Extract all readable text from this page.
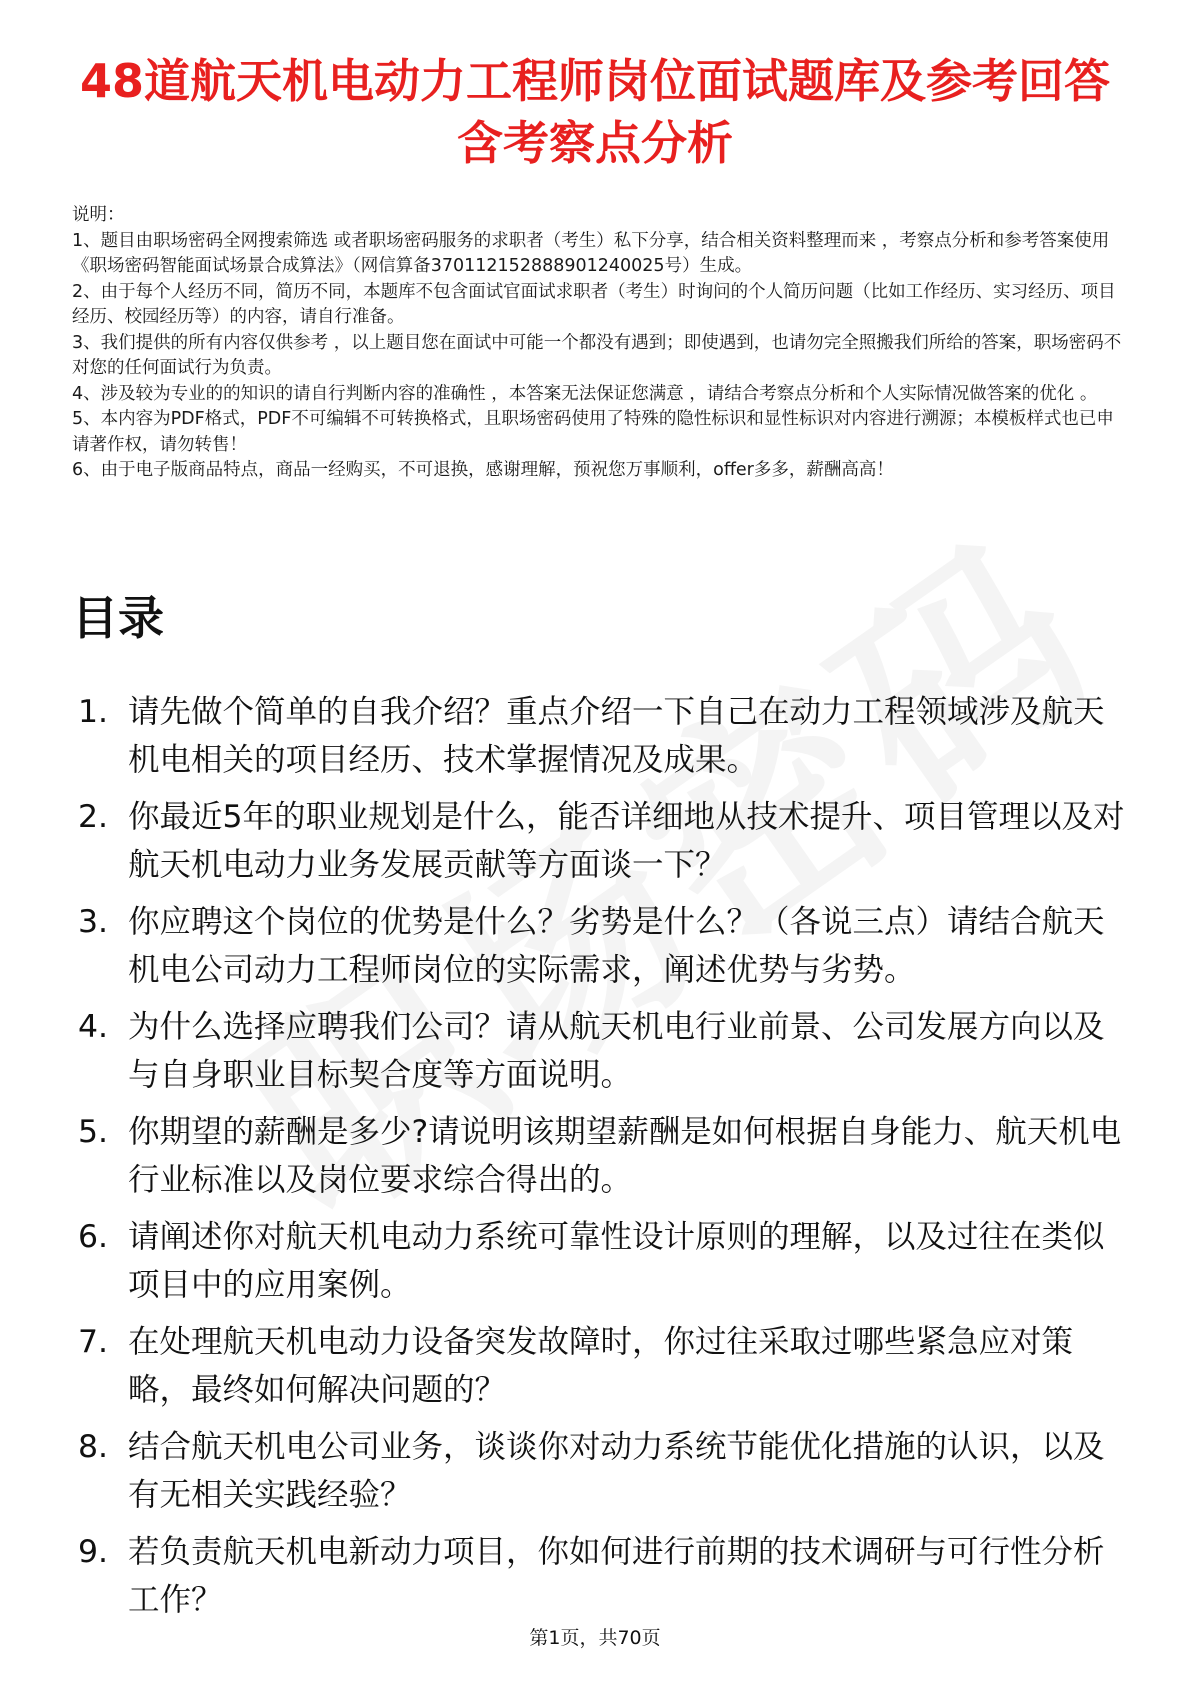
48道航天机电动力工程师岗位面试题库及参考回答含考察点分析

说明：

1、题目由职场密码全网搜索筛选 或者职场密码服务的求职者（考生）私下分享，结合相关资料整理而来 ，考察点分析和参考答案使用《职场密码智能面试场景合成算法》（网信算备370112152888901240025号）生成。

2、由于每个人经历不同，简历不同，本题库不包含面试官面试求职者（考生）时询问的个人简历问题（比如工作经历、实习经历、项目经历、校园经历等）的内容，请自行准备。

3、我们提供的所有内容仅供参考 ，以上题目您在面试中可能一个都没有遇到；即使遇到，也请勿完全照搬我们所给的答案，职场密码不对您的任何面试行为负责。

4、涉及较为专业的的知识的请自行判断内容的准确性 ，本答案无法保证您满意 ，请结合考察点分析和个人实际情况做答案的优化 。

5、本内容为PDF格式，PDF不可编辑不可转换格式，且职场密码使用了特殊的隐性标识和显性标识对内容进行溯源；本模板样式也已申请著作权，请勿转售！

6、由于电子版商品特点，商品一经购买，不可退换，感谢理解，预祝您万事顺利，offer多多，薪酬高高！

目录
1. 请先做个简单的自我介绍？重点介绍一下自己在动力工程领域涉及航天机电相关的项目经历、技术掌握情况及成果。
2. 你最近5年的职业规划是什么，能否详细地从技术提升、项目管理以及对航天机电动力业务发展贡献等方面谈一下？
3. 你应聘这个岗位的优势是什么？劣势是什么？（各说三点）请结合航天机电公司动力工程师岗位的实际需求，阐述优势与劣势。
4. 为什么选择应聘我们公司？请从航天机电行业前景、公司发展方向以及与自身职业目标契合度等方面说明。
5. 你期望的薪酬是多少?请说明该期望薪酬是如何根据自身能力、航天机电行业标准以及岗位要求综合得出的。
6. 请阐述你对航天机电动力系统可靠性设计原则的理解，以及过往在类似项目中的应用案例。
7. 在处理航天机电动力设备突发故障时，你过往采取过哪些紧急应对策略，最终如何解决问题的？
8. 结合航天机电公司业务，谈谈你对动力系统节能优化措施的认识，以及有无相关实践经验？
9. 若负责航天机电新动力项目，你如何进行前期的技术调研与可行性分析工作？
第1页，共70页
